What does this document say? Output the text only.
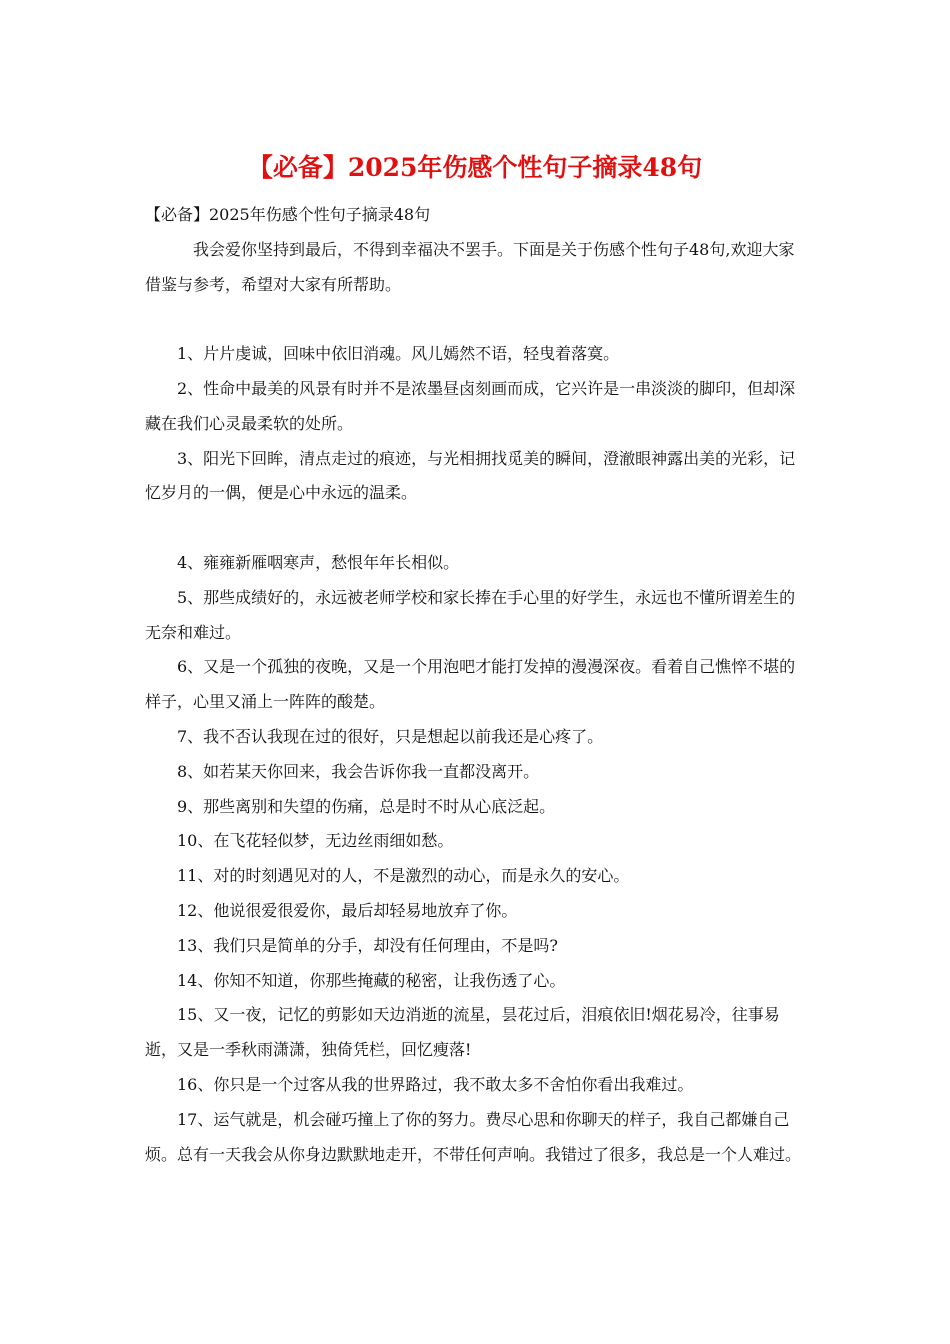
【必备】2025年伤感个性句子摘录48句

【必备】2025年伤感个性句子摘录48句

我会爱你坚持到最后，不得到幸福决不罢手。下面是关于伤感个性句子48句,欢迎大家借鉴与参考，希望对大家有所帮助。

1、片片虔诚，回味中依旧消魂。风儿嫣然不语，轻曳着落寞。

2、性命中最美的风景有时并不是浓墨昼卤刻画而成，它兴许是一串淡淡的脚印，但却深藏在我们心灵最柔软的处所。

3、阳光下回眸，清点走过的痕迹，与光相拥找觅美的瞬间，澄澈眼神露出美的光彩，记忆岁月的一偶，便是心中永远的温柔。

4、雍雍新雁咽寒声，愁恨年年长相似。

5、那些成绩好的，永远被老师学校和家长捧在手心里的好学生，永远也不懂所谓差生的无奈和难过。

6、又是一个孤独的夜晚，又是一个用泡吧才能打发掉的漫漫深夜。看着自己憔悴不堪的样子，心里又涌上一阵阵的酸楚。

7、我不否认我现在过的很好，只是想起以前我还是心疼了。

8、如若某天你回来，我会告诉你我一直都没离开。

9、那些离别和失望的伤痛，总是时不时从心底泛起。

10、在飞花轻似梦，无边丝雨细如愁。

11、对的时刻遇见对的人，不是激烈的动心，而是永久的安心。

12、他说很爱很爱你，最后却轻易地放弃了你。

13、我们只是简单的分手，却没有任何理由，不是吗?

14、你知不知道，你那些掩藏的秘密，让我伤透了心。

15、又一夜，记忆的剪影如天边消逝的流星，昙花过后，泪痕依旧!烟花易冷，往事易逝，又是一季秋雨潇潇，独倚凭栏，回忆瘦落!

16、你只是一个过客从我的世界路过，我不敢太多不舍怕你看出我难过。

17、运气就是，机会碰巧撞上了你的努力。费尽心思和你聊天的样子，我自己都嫌自己烦。总有一天我会从你身边默默地走开，不带任何声响。我错过了很多，我总是一个人难过。
